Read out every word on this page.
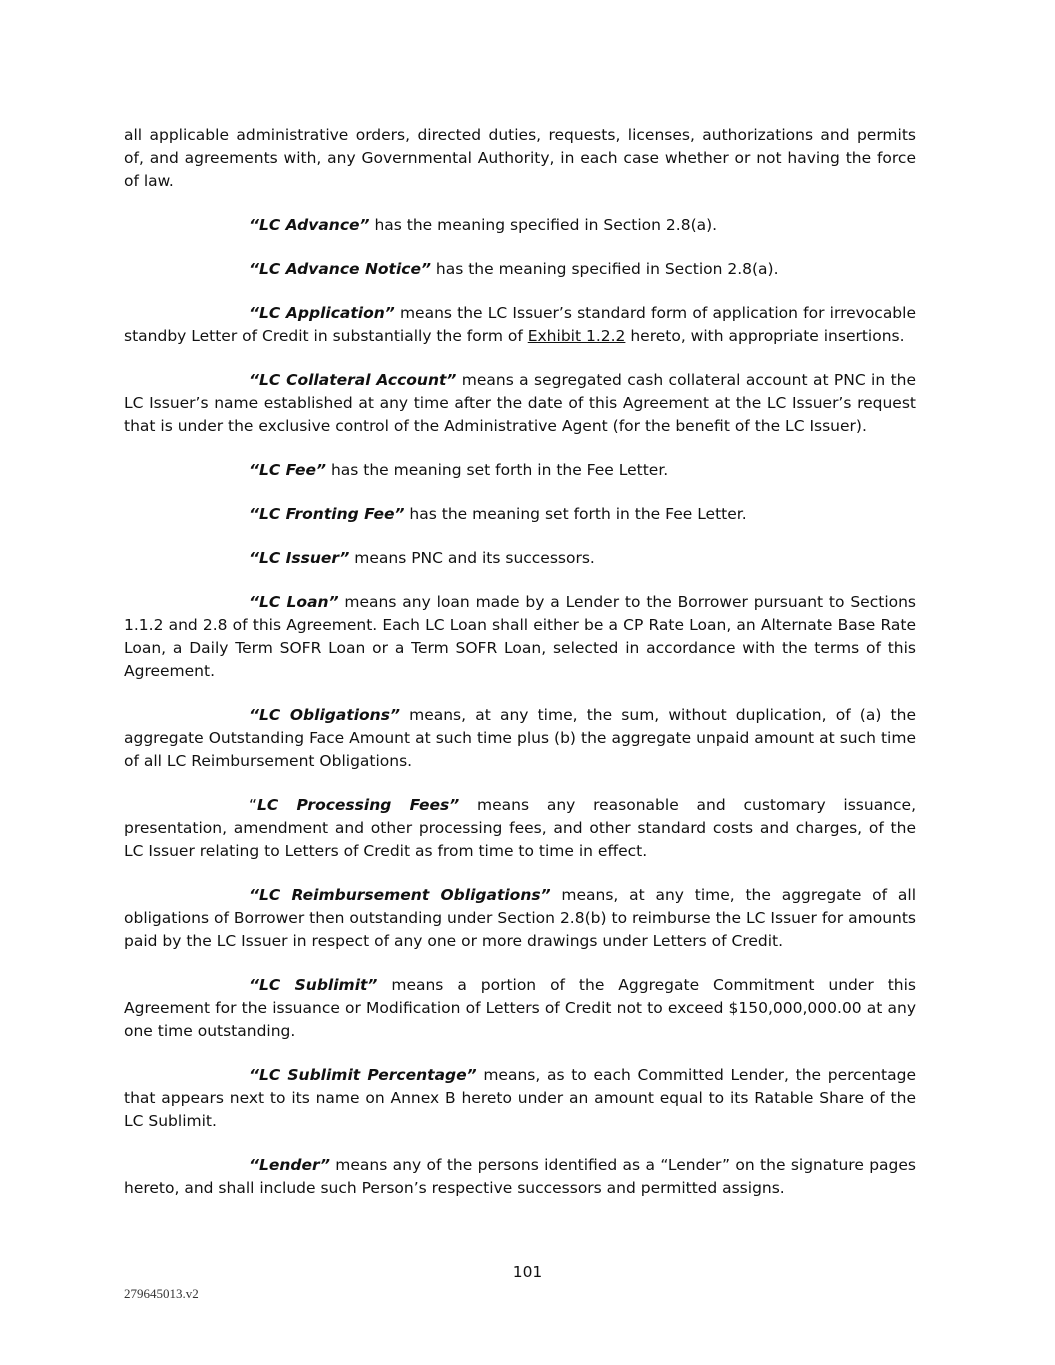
all applicable administrative orders, directed duties, requests, licenses, authorizations and permits of, and agreements with, any Governmental Authority, in each case whether or not having the force of law.

“LC Advance” has the meaning specified in Section 2.8(a).

“LC Advance Notice” has the meaning specified in Section 2.8(a).

“LC Application” means the LC Issuer’s standard form of application for irrevocable standby Letter of Credit in substantially the form of Exhibit 1.2.2 hereto, with appropriate insertions.

“LC Collateral Account” means a segregated cash collateral account at PNC in the LC Issuer’s name established at any time after the date of this Agreement at the LC Issuer’s request that is under the exclusive control of the Administrative Agent (for the benefit of the LC Issuer).

“LC Fee” has the meaning set forth in the Fee Letter.

“LC Fronting Fee” has the meaning set forth in the Fee Letter.

“LC Issuer” means PNC and its successors.

“LC Loan” means any loan made by a Lender to the Borrower pursuant to Sections 1.1.2 and 2.8 of this Agreement. Each LC Loan shall either be a CP Rate Loan, an Alternate Base Rate Loan, a Daily Term SOFR Loan or a Term SOFR Loan, selected in accordance with the terms of this Agreement.

“LC Obligations” means, at any time, the sum, without duplication, of (a) the aggregate Outstanding Face Amount at such time plus (b) the aggregate unpaid amount at such time of all LC Reimbursement Obligations.

“LC Processing Fees” means any reasonable and customary issuance, presentation, amendment and other processing fees, and other standard costs and charges, of the LC Issuer relating to Letters of Credit as from time to time in effect.

“LC Reimbursement Obligations” means, at any time, the aggregate of all obligations of Borrower then outstanding under Section 2.8(b) to reimburse the LC Issuer for amounts paid by the LC Issuer in respect of any one or more drawings under Letters of Credit.

“LC Sublimit” means a portion of the Aggregate Commitment under this Agreement for the issuance or Modification of Letters of Credit not to exceed $150,000,000.00 at any one time outstanding.

“LC Sublimit Percentage” means, as to each Committed Lender, the percentage that appears next to its name on Annex B hereto under an amount equal to its Ratable Share of the LC Sublimit.

“Lender” means any of the persons identified as a “Lender” on the signature pages hereto, and shall include such Person’s respective successors and permitted assigns.

101
279645013.v2
